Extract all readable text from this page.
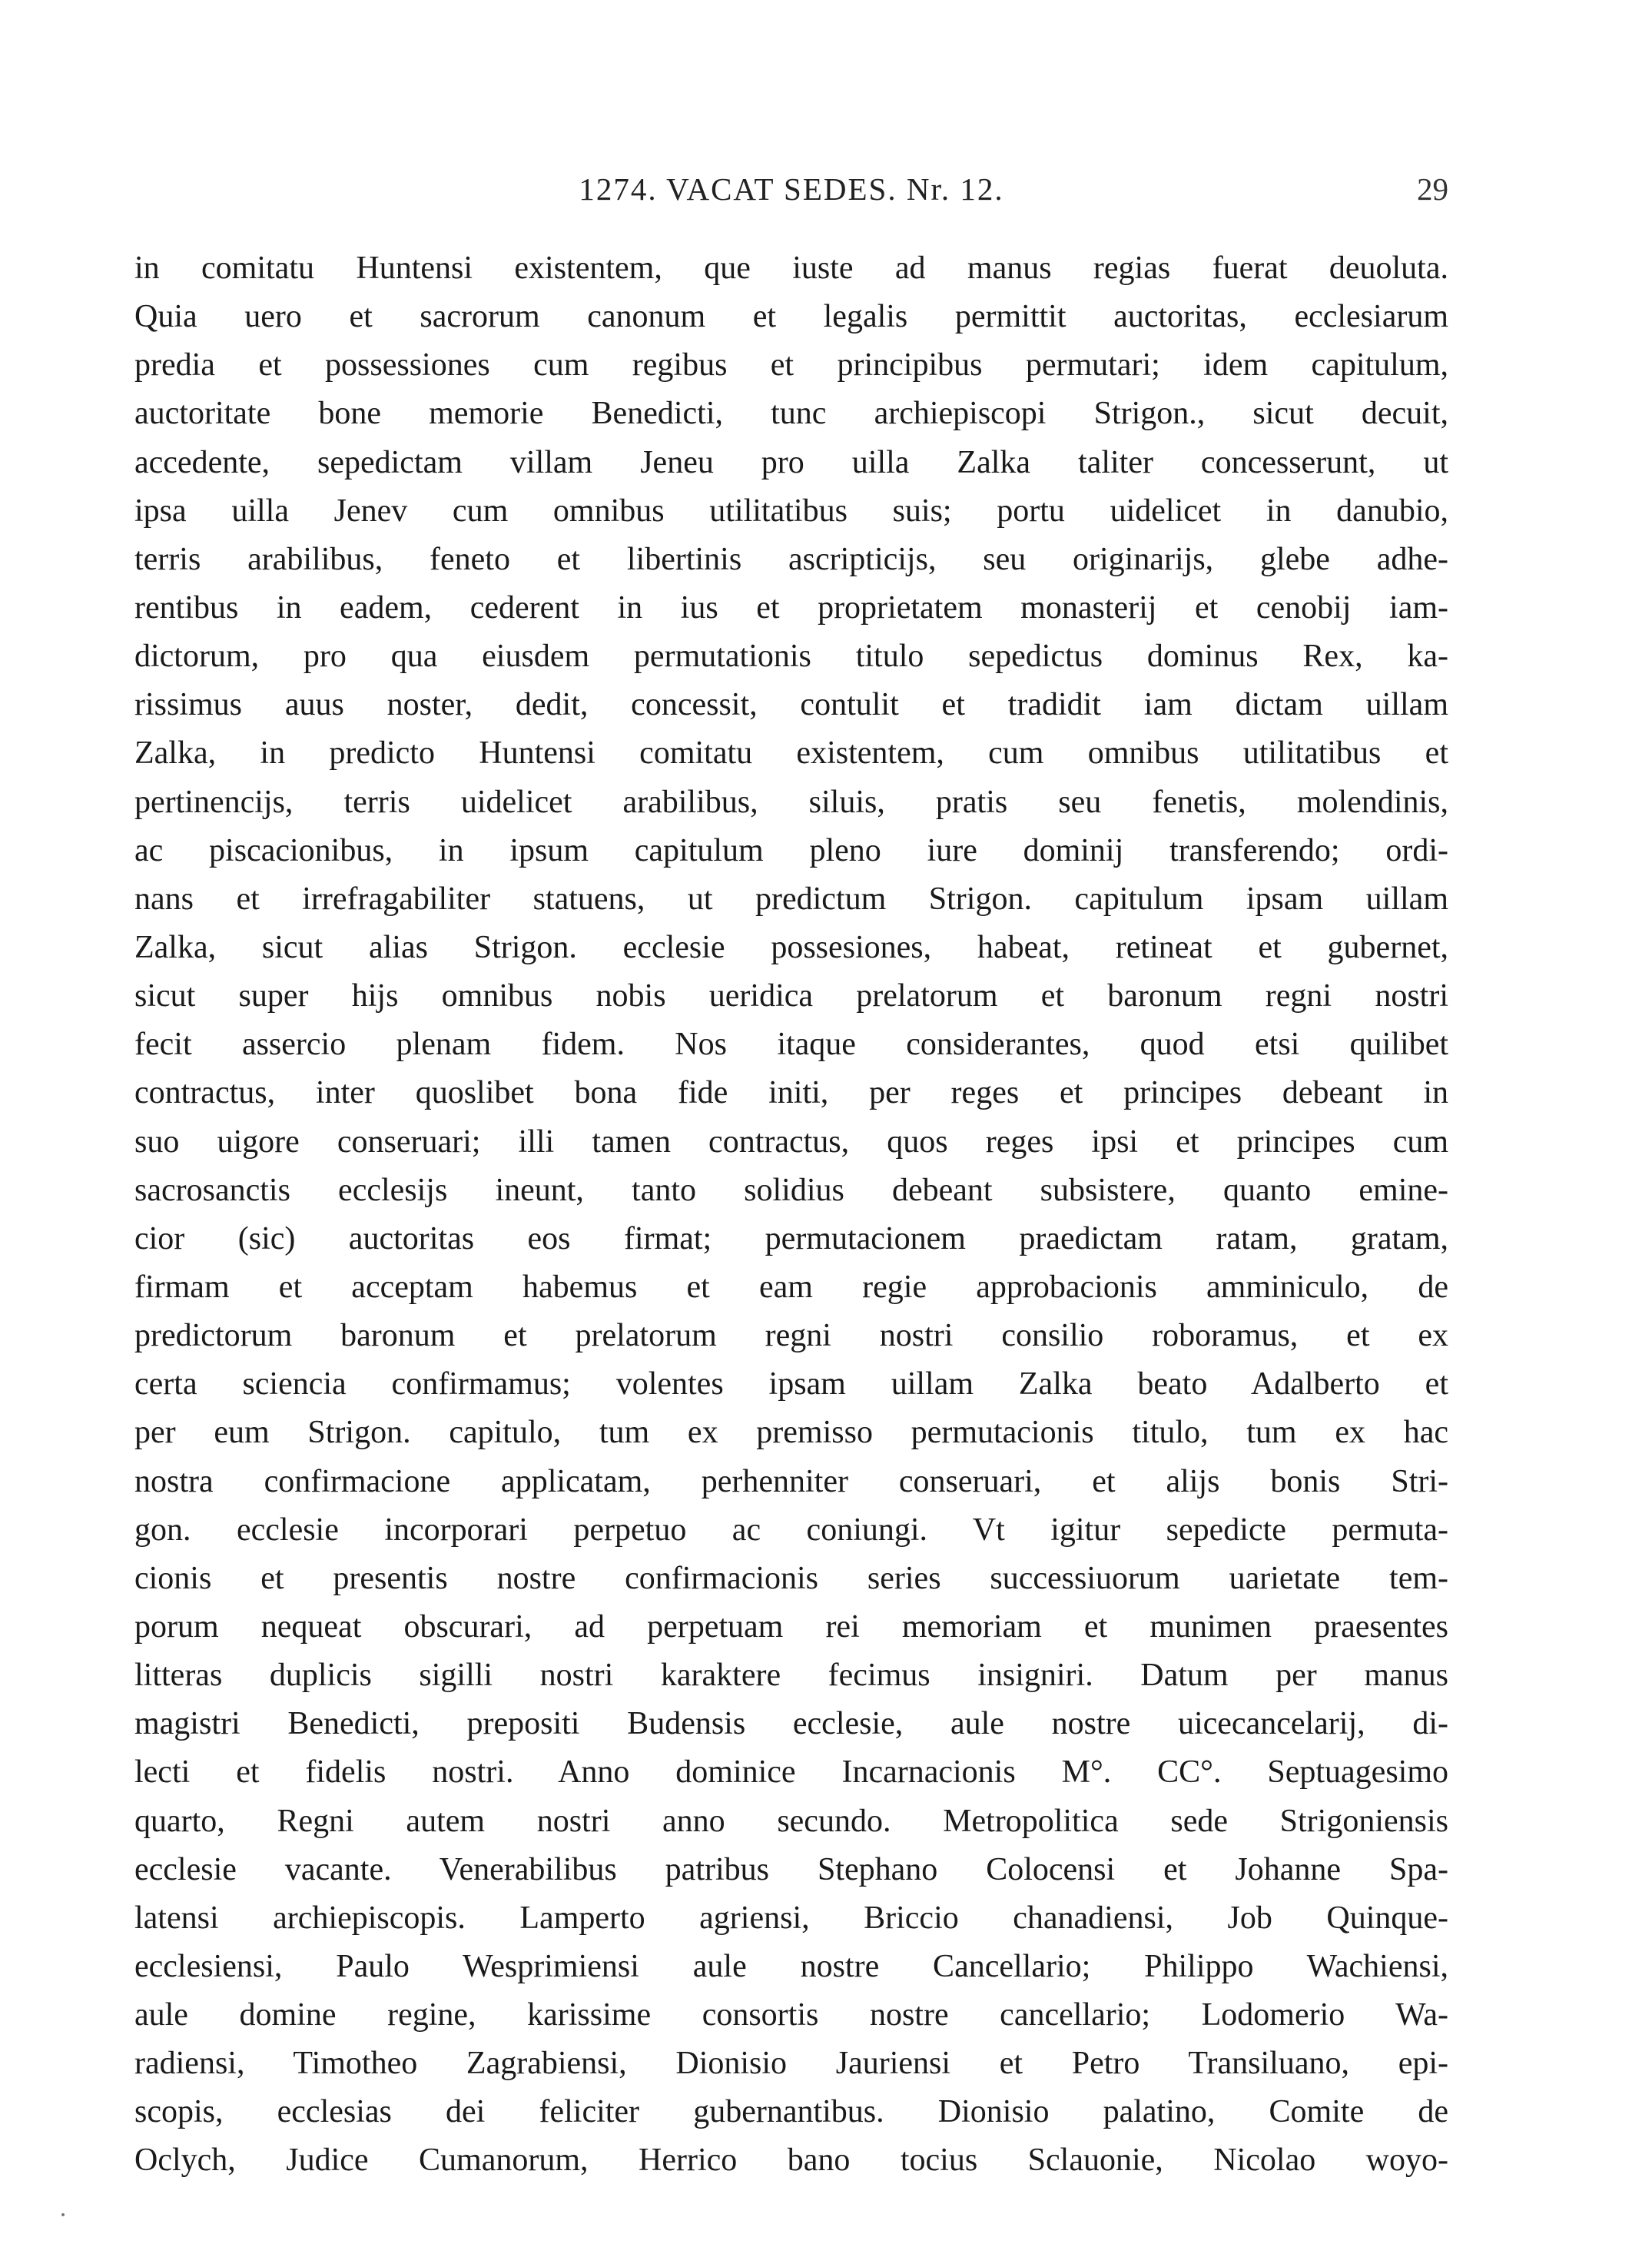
1274. VACAT SEDES. Nr. 12.	29
in comitatu Huntensi existentem, que iuste ad manus regias fuerat deuoluta.
Quia uero et sacrorum canonum et legalis permittit auctoritas, ecclesiarum
predia et possessiones cum regibus et principibus permutari; idem capitulum,
auctoritate bone memorie Benedicti, tunc archiepiscopi Strigon., sicut decuit,
accedente, sepedictam villam Jeneu pro uilla Zalka taliter concesserunt, ut
ipsa uilla Jenev cum omnibus utilitatibus suis; portu uidelicet in danubio,
terris arabilibus, feneto et libertinis ascripticijs, seu originarijs, glebe adhe-
rentibus in eadem, cederent in ius et proprietatem monasterij et cenobij iam-
dictorum, pro qua eiusdem permutationis titulo sepedictus dominus Rex, ka-
rissimus auus noster, dedit, concessit, contulit et tradidit iam dictam uillam
Zalka, in predicto Huntensi comitatu existentem, cum omnibus utilitatibus et
pertinencijs, terris uidelicet arabilibus, siluis, pratis seu fenetis, molendinis,
ac piscacionibus, in ipsum capitulum pleno iure dominij transferendo; ordi-
nans et irrefragabiliter statuens, ut predictum Strigon. capitulum ipsam uillam
Zalka, sicut alias Strigon. ecclesie possesiones, habeat, retineat et gubernet,
sicut super hijs omnibus nobis ueridica prelatorum et baronum regni nostri
fecit assercio plenam fidem. Nos itaque considerantes, quod etsi quilibet
contractus, inter quoslibet bona fide initi, per reges et principes debeant in
suo uigore conseruari; illi tamen contractus, quos reges ipsi et principes cum
sacrosanctis ecclesijs ineunt, tanto solidius debeant subsistere, quanto emine-
cior (sic) auctoritas eos firmat; permutacionem praedictam ratam, gratam,
firmam et acceptam habemus et eam regie approbacionis amminiculo, de
predictorum baronum et prelatorum regni nostri consilio roboramus, et ex
certa sciencia confirmamus; volentes ipsam uillam Zalka beato Adalberto et
per eum Strigon. capitulo, tum ex premisso permutacionis titulo, tum ex hac
nostra confirmacione applicatam, perhenniter conseruari, et alijs bonis Stri-
gon. ecclesie incorporari perpetuo ac coniungi. Vt igitur sepedicte permuta-
cionis et presentis nostre confirmacionis series successiuorum uarietate tem-
porum nequeat obscurari, ad perpetuam rei memoriam et munimen praesentes
litteras duplicis sigilli nostri karaktere fecimus insigniri. Datum per manus
magistri Benedicti, prepositi Budensis ecclesie, aule nostre uicecancelarij, di-
lecti et fidelis nostri. Anno dominice Incarnacionis M°. CC°. Septuagesimo
quarto, Regni autem nostri anno secundo. Metropolitica sede Strigoniensis
ecclesie vacante. Venerabilibus patribus Stephano Colocensi et Johanne Spa-
latensi archiepiscopis. Lamperto agriensi, Briccio chanadiensi, Job Quinque-
ecclesiensi, Paulo Wesprimiensi aule nostre Cancellario; Philippo Wachiensi,
aule domine regine, karissime consortis nostre cancellario; Lodomerio Wa-
radiensi, Timotheo Zagrabiensi, Dionisio Jauriensi et Petro Transiluano, epi-
scopis, ecclesias dei feliciter gubernantibus. Dionisio palatino, Comite de
Oclych, Judice Cumanorum, Herrico bano tocius Sclauonie, Nicolao woyo-
